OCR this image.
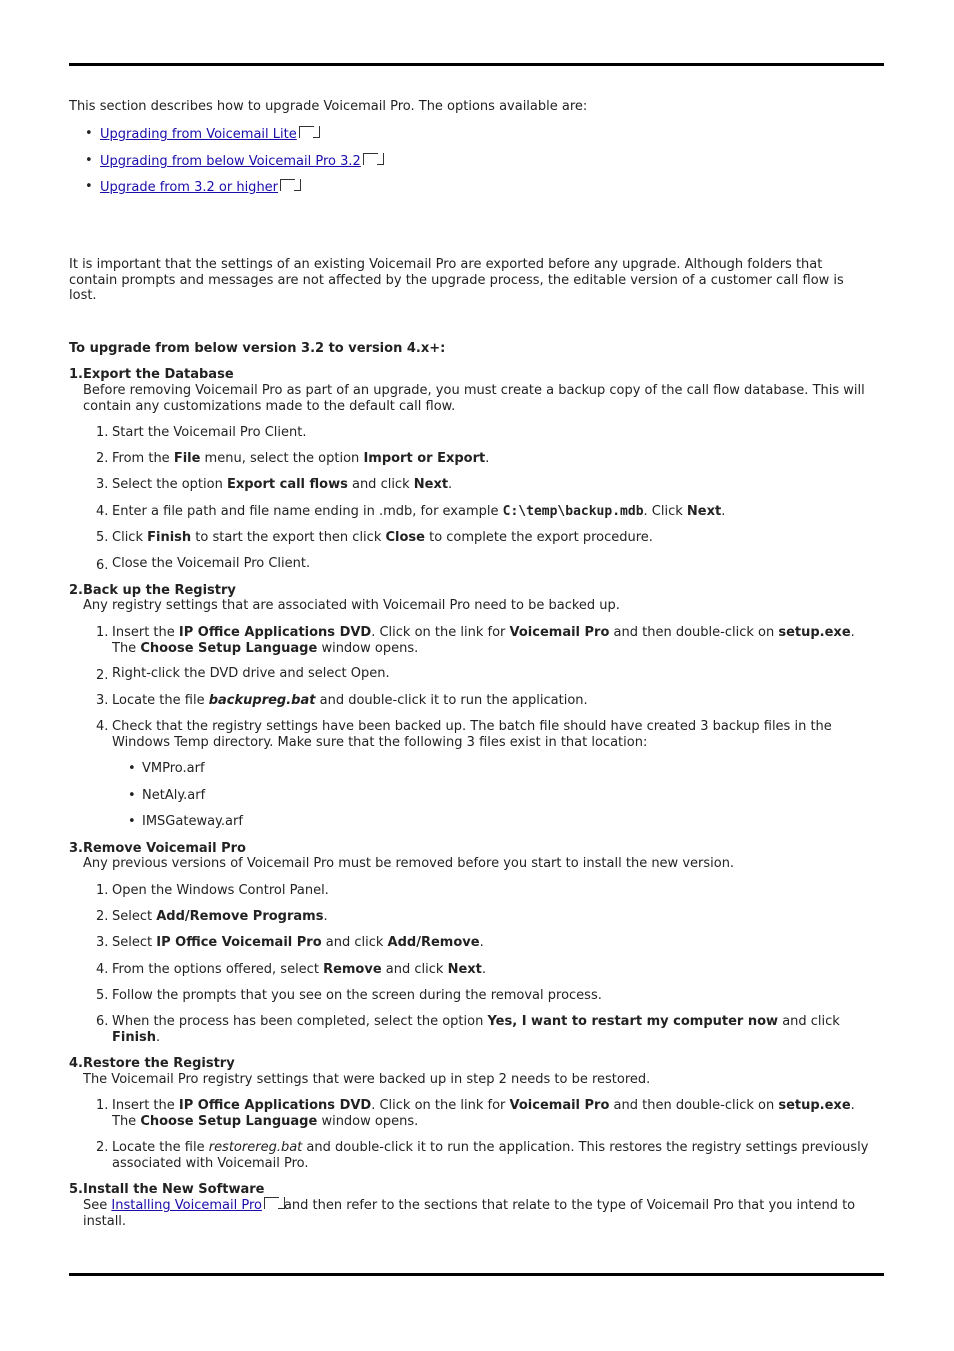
This section describes how to upgrade Voicemail Pro. The options available are:

• Upgrading from Voicemail Lite
• Upgrading from below Voicemail Pro 3.2
• Upgrade from 3.2 or higher

It is important that the settings of an existing Voicemail Pro are exported before any upgrade. Although folders that contain prompts and messages are not affected by the upgrade process, the editable version of a customer call flow is lost.

To upgrade from below version 3.2 to version 4.x+:
1.Export the Database
Before removing Voicemail Pro as part of an upgrade, you must create a backup copy of the call flow database. This will contain any customizations made to the default call flow.
1. Start the Voicemail Pro Client.
2. From the File menu, select the option Import or Export.
3. Select the option Export call flows and click Next.
4. Enter a file path and file name ending in .mdb, for example C:\temp\backup.mdb. Click Next.
5. Click Finish to start the export then click Close to complete the export procedure.
6. Close the Voicemail Pro Client.
2.Back up the Registry
Any registry settings that are associated with Voicemail Pro need to be backed up.
1. Insert the IP Office Applications DVD. Click on the link for Voicemail Pro and then double-click on setup.exe.
The Choose Setup Language window opens.
2. Right-click the DVD drive and select Open.
3. Locate the file backupreg.bat and double-click it to run the application.
Check that the registry settings have been backed up. The batch file should have created 3 backup files in the Windows Temp directory. Make sure that the following 3 files exist in that location:
4.
• VMPro.arf
• NetAly.arf
• IMSGateway.arf
3.Remove Voicemail Pro
Any previous versions of Voicemail Pro must be removed before you start to install the new version.
1. Open the Windows Control Panel.
2. Select Add/Remove Programs.
3. Select IP Office Voicemail Pro and click Add/Remove.
4. From the options offered, select Remove and click Next.
5. Follow the prompts that you see on the screen during the removal process.
6. When the process has been completed, select the option Yes, I want to restart my computer now and click
Finish.
4.Restore the Registry
The Voicemail Pro registry settings that were backed up in step 2 needs to be restored.
1. Insert the IP Office Applications DVD. Click on the link for Voicemail Pro and then double-click on setup.exe.
The Choose Setup Language window opens.
2. Locate the file restorereg.bat and double-click it to run the application. This restores the registry settings previously associated with Voicemail Pro.
5.Install the New Software
See Installing Voicemail Pro and then refer to the sections that relate to the type of Voicemail Pro that you intend to install.
